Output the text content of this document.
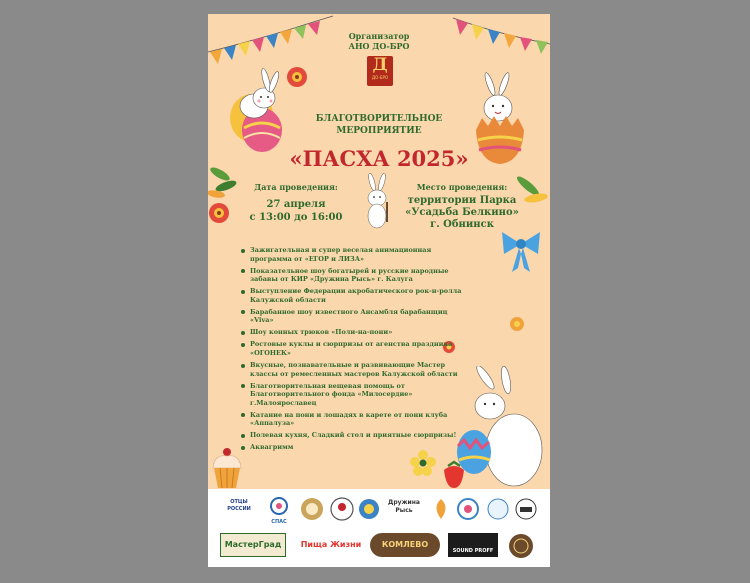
Организатор
АНО ДО-БРО
Д
ДО-БРО
БЛАГОТВОРИТЕЛЬНОЕ
МЕРОПРИЯТИЕ
«ПАСХА 2025»
Дата проведения:
27 апреля
с 13:00 до 16:00
Место проведения:
территории Парка
«Усадьба Белкино»
г. Обнинск
Зажигательная и супер веселая анимационная программа от «ЕГОР и ЛИЗА»
Показательное шоу богатырей и русские народные забавы от КИР «Дружина Рысь» г. Калуга
Выступление Федерации акробатического рок-н-ролла Калужской области
Барабанное шоу известного Ансамбля барабанщиц «Viva»
Шоу конных трюков «Поли-на-пони»
Ростовые куклы и сюрпризы от агенства праздника «ОГОНЕК»
Вкусные, познавательные и развивающие Мастер классы от ремесленных мастеров Калужской области
Благотворительная вещевая помощь от Благотворительного фонда «Милосердие» г.Малоярославец
Катание на пони и лошадях в карете от пони клуба «Аппалуза»
Полевая кухня, Сладкий стол и приятные сюрпризы!
Аквагримм
ОТЦЫ РОССИИ
СПАС
Дружина Рысь
МастерГрад	Пища Жизни	КОМЛЕВО
SOUND PROFF
